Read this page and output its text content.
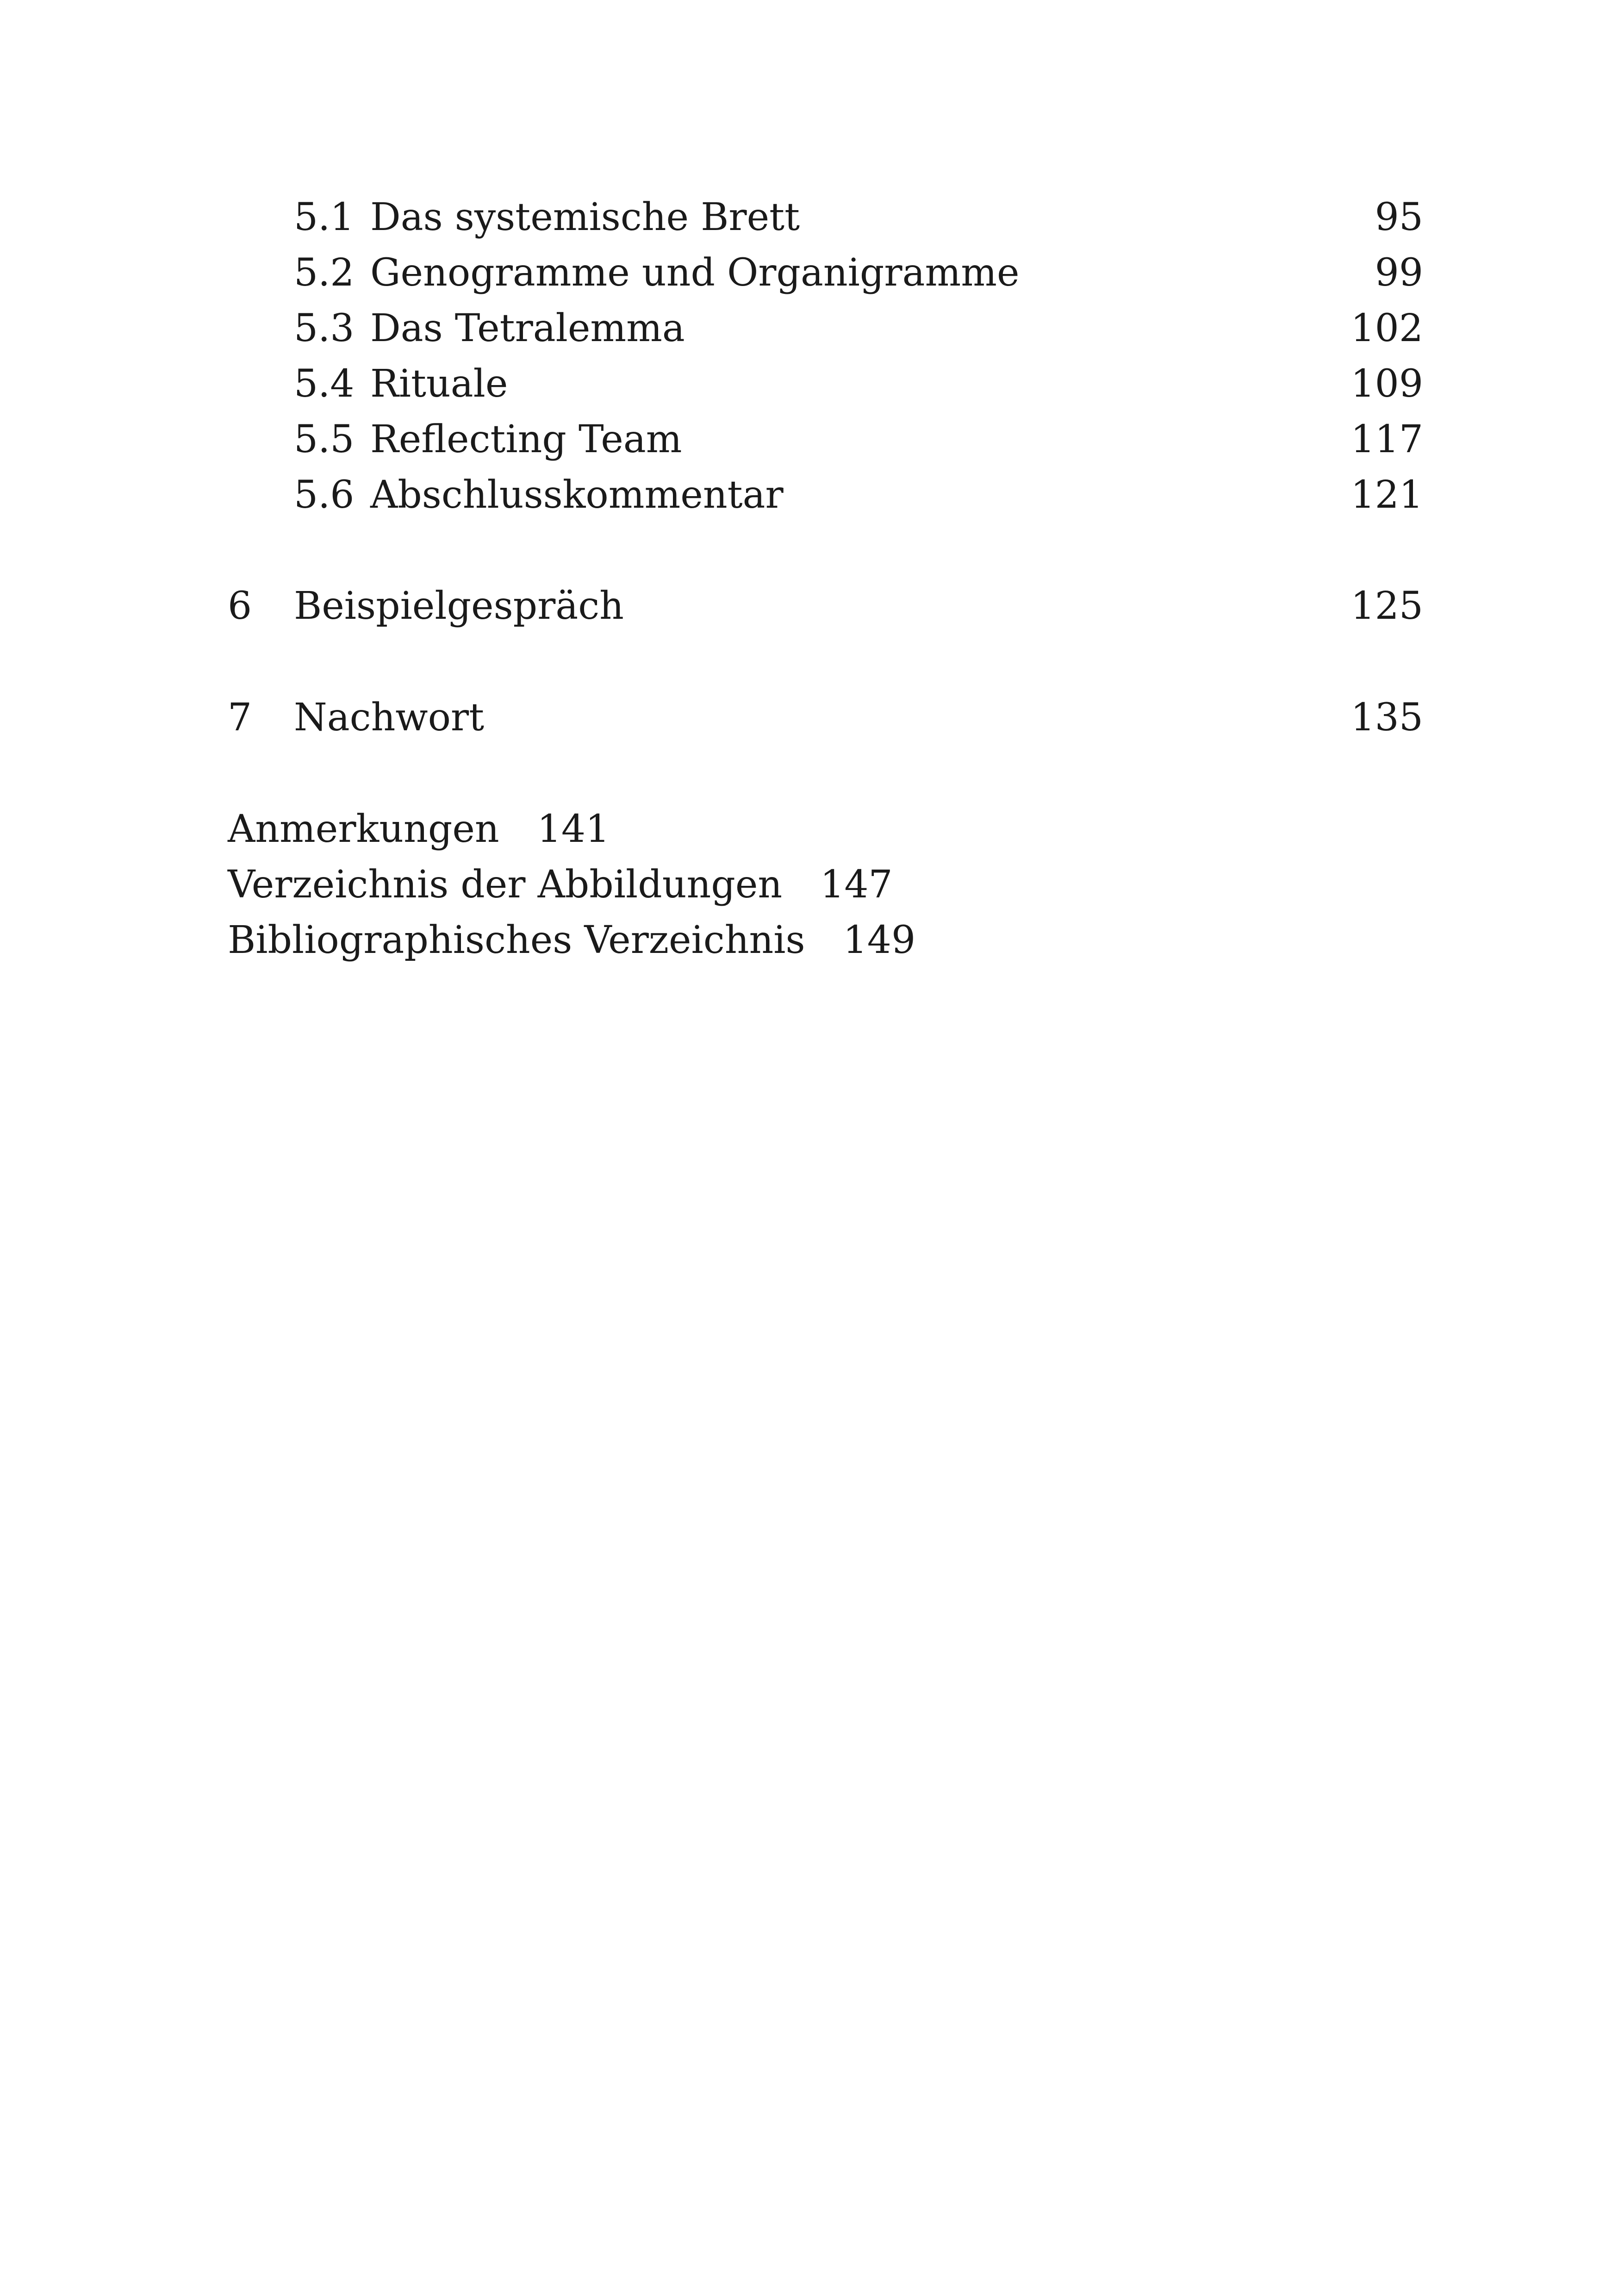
5.1 Das systemische Brett	95
5.2 Genogramme und Organigramme	99
5.3 Das Tetralemma	102
5.4 Rituale	109
5.5 Reflecting Team	117
5.6 Abschlusskommentar	121
6	Beispielgespräch	125
7	Nachwort	135
Anmerkungen 141
Verzeichnis der Abbildungen 147
Bibliographisches Verzeichnis 149
